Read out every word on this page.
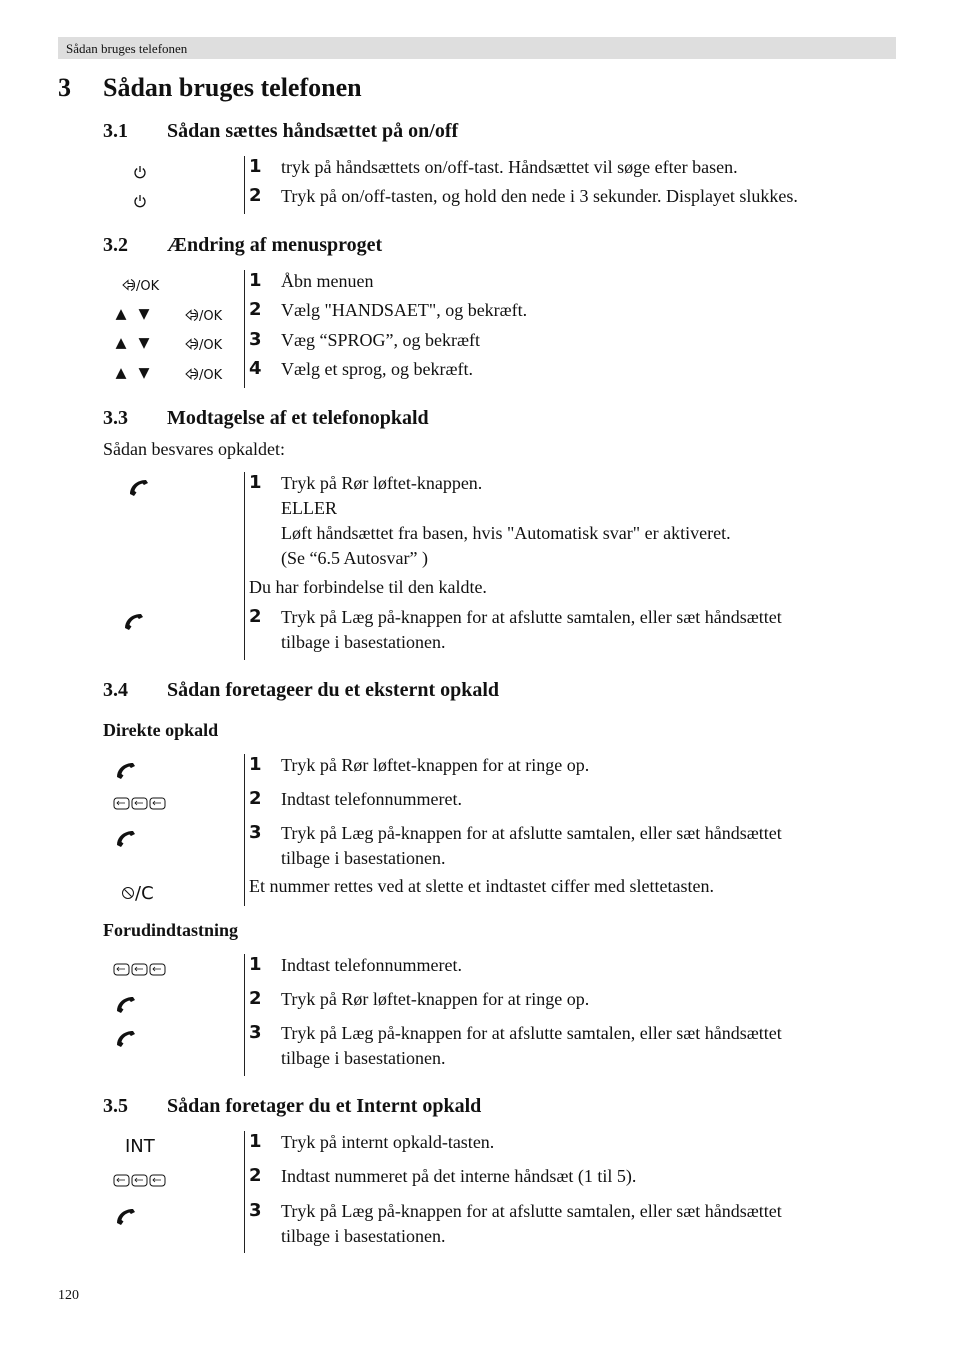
Sådan bruges telefonen
3 Sådan bruges telefonen
3.1 Sådan sættes håndsættet på on/off
1 tryk på håndsættets on/off-tast. Håndsættet vil søge efter basen.
2 Tryk på on/off-tasten, og hold den nede i 3 sekunder. Displayet slukkes.
3.2 Ændring af menusproget
/OK
/OK
/OK
/OK
1 Åbn menuen
2 Vælg "HANDSAET", og bekræft.
3 Væg “SPROG”, og bekræft
4 Vælg et sprog, og bekræft.
3.3 Modtagelse af et telefonopkald
Sådan besvares opkaldet:
1 Tryk på Rør løftet-knappen.
ELLER
Løft håndsættet fra basen, hvis "Automatisk svar" er aktiveret.
(Se “6.5 Autosvar” )
Du har forbindelse til den kaldte.
2 Tryk på Læg på-knappen for at afslutte samtalen, eller sæt håndsættet
tilbage i basestationen.
3.4 Sådan foretageer du et eksternt opkald
Direkte opkald
/C
1 Tryk på Rør løftet-knappen for at ringe op.
2 Indtast telefonnummeret.
3 Tryk på Læg på-knappen for at afslutte samtalen, eller sæt håndsættet
tilbage i basestationen.
Et nummer rettes ved at slette et indtastet ciffer med slettetasten.
Forudindtastning
1 Indtast telefonnummeret.
2 Tryk på Rør løftet-knappen for at ringe op.
3 Tryk på Læg på-knappen for at afslutte samtalen, eller sæt håndsættet
tilbage i basestationen.
3.5 Sådan foretager du et Internt opkald
INT	1 Tryk på internt opkald-tasten.
2 Indtast nummeret på det interne håndsæt (1 til 5).
3 Tryk på Læg på-knappen for at afslutte samtalen, eller sæt håndsættet
tilbage i basestationen.
120
